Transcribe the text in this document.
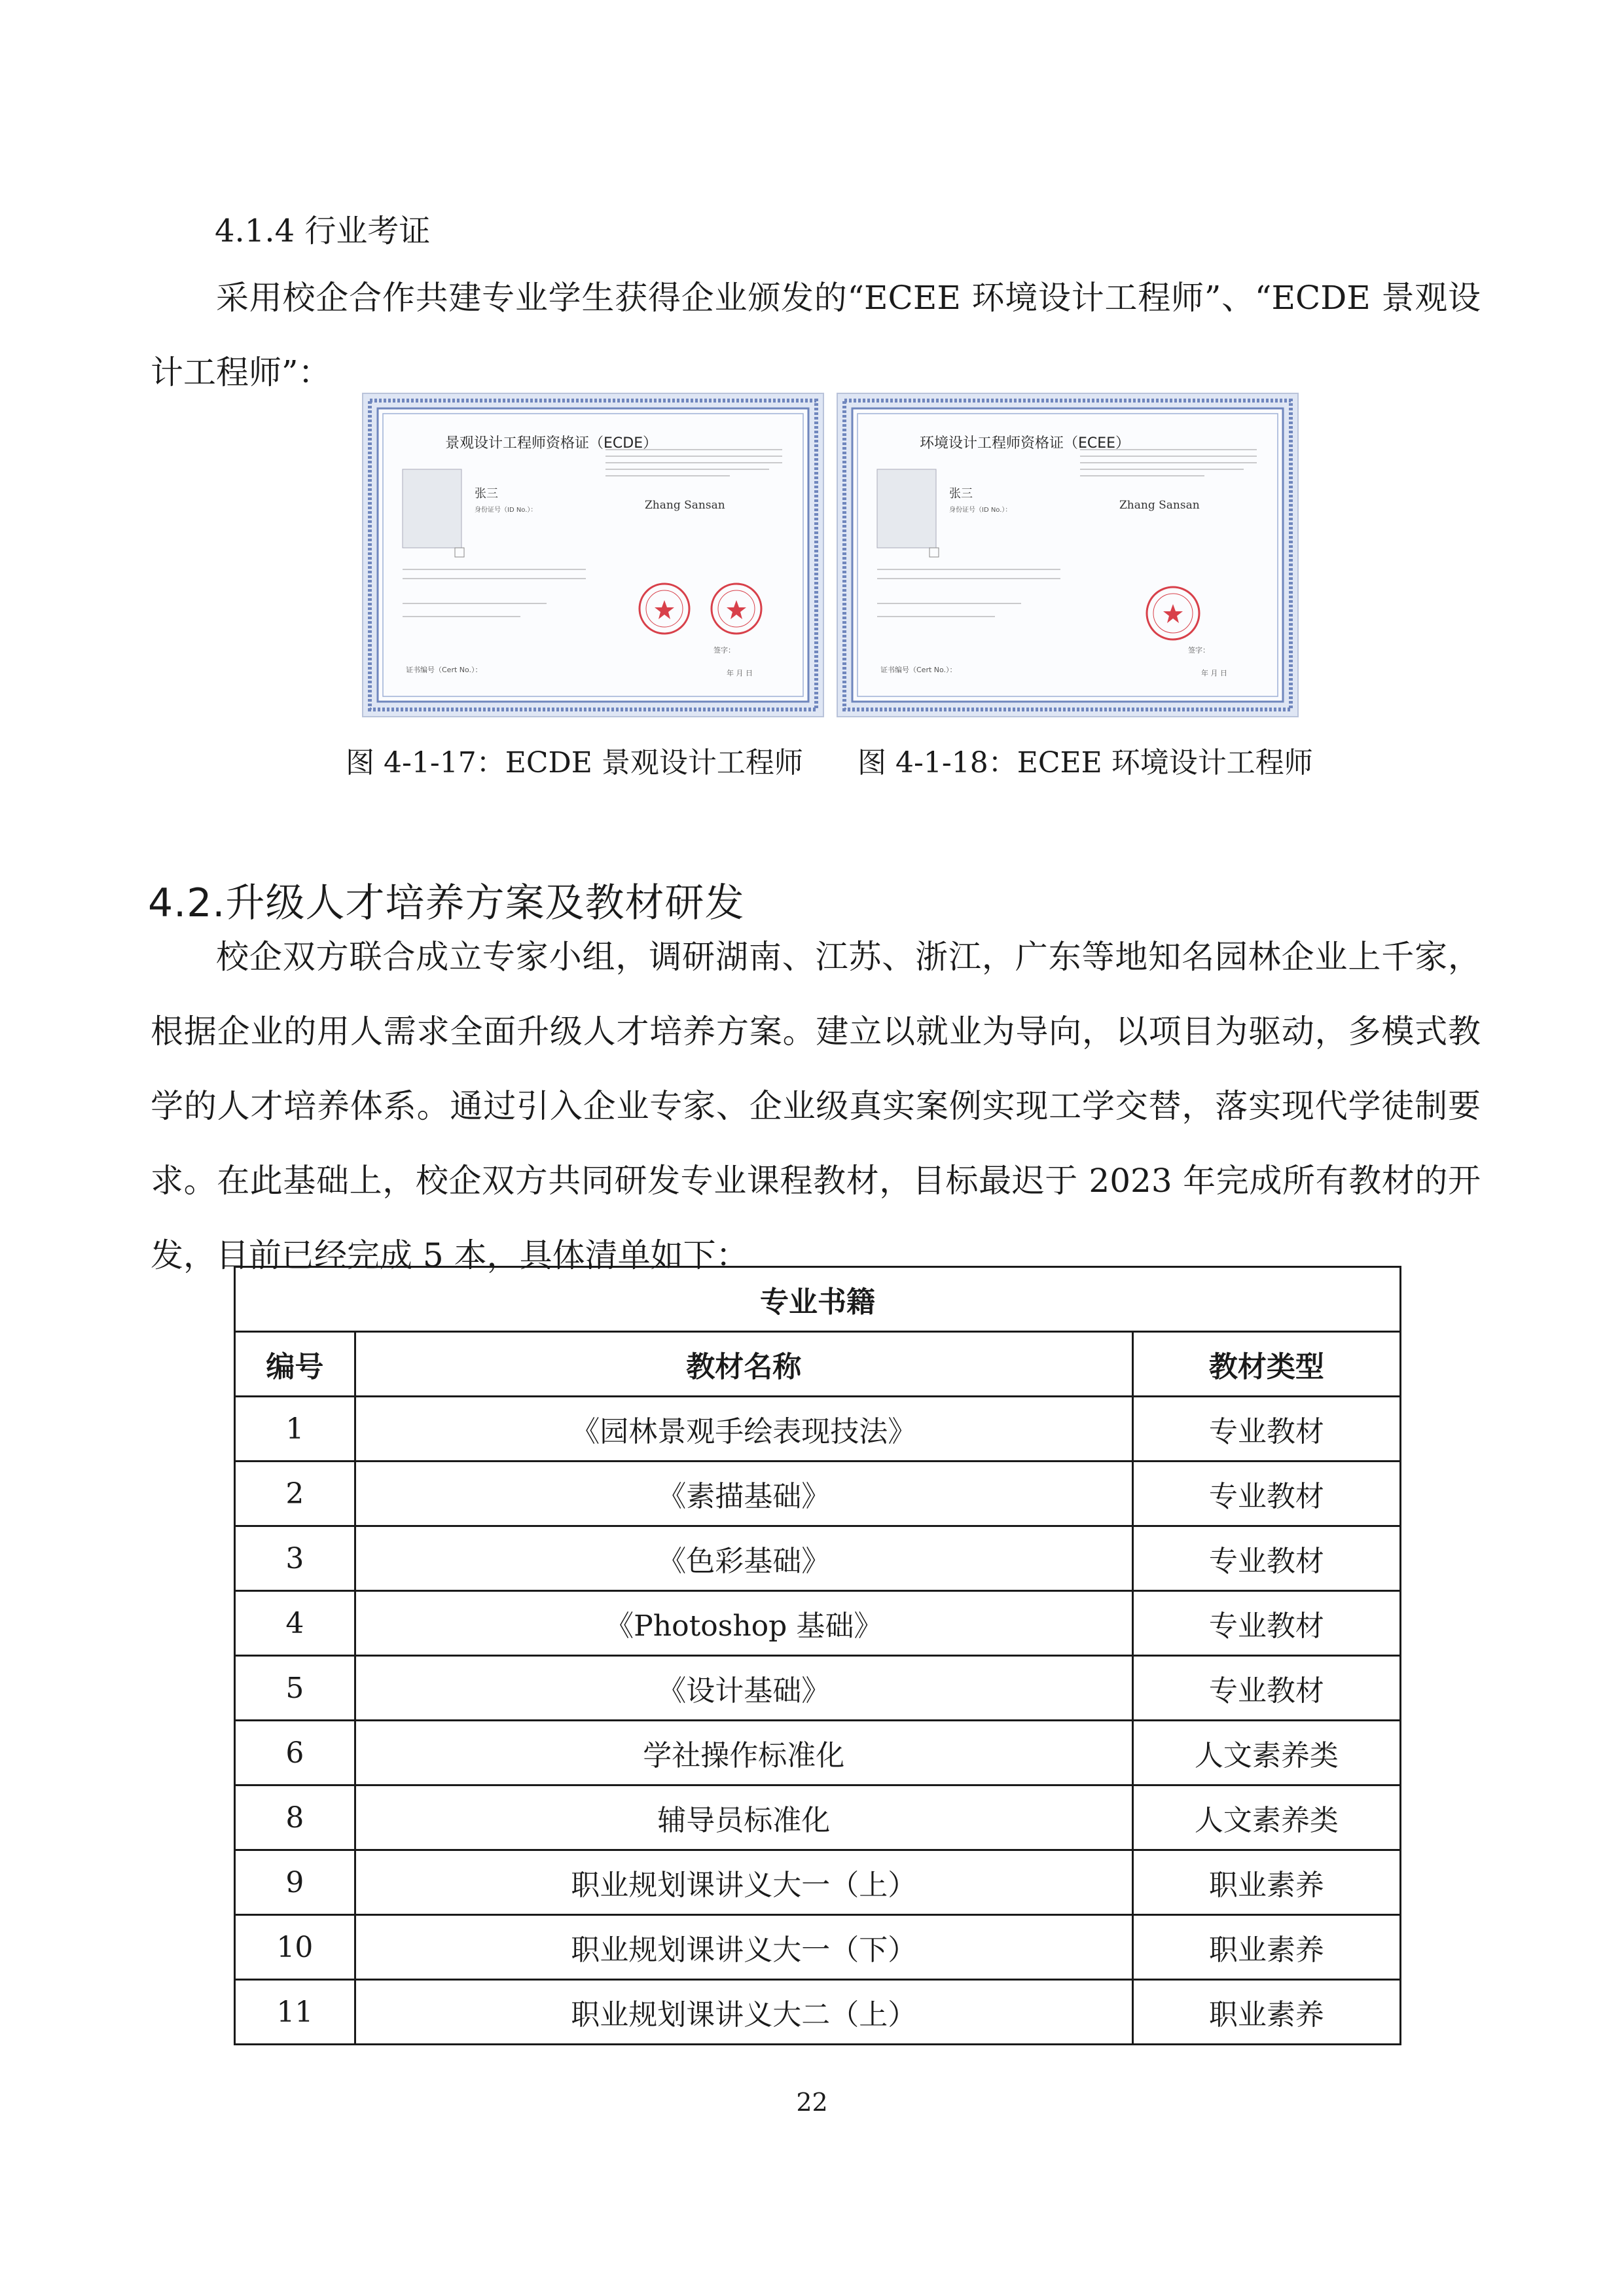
4.1.4 行业考证
采用校企合作共建专业学生获得企业颁发的“ECEE 环境设计工程师”、“ECDE 景观设计工程师”：
景观设计工程师资格证（ECDE）
张三
身份证号（ID No.）：	Zhang Sansan
签字：
证书编号（Cert No.）：	年 月 日
图 4-1-17：ECDE 景观设计工程师
环境设计工程师资格证（ECEE）
张三
身份证号（ID No.）：	Zhang Sansan
签字：
证书编号（Cert No.）：	年 月 日
图 4-1-18：ECEE 环境设计工程师
4.2.升级人才培养方案及教材研发
校企双方联合成立专家小组，调研湖南、江苏、浙江，广东等地知名园林企业上千家，根据企业的用人需求全面升级人才培养方案。建立以就业为导向，以项目为驱动，多模式教学的人才培养体系。通过引入企业专家、企业级真实案例实现工学交替，落实现代学徒制要求。在此基础上，校企双方共同研发专业课程教材，目标最迟于 2023 年完成所有教材的开发，目前已经完成 5 本，具体清单如下：
专业书籍		
编号	教材名称	教材类型
1	《园林景观手绘表现技法》	专业教材
2	《素描基础》	专业教材
3	《色彩基础》	专业教材
4	《Photoshop 基础》	专业教材
5	《设计基础》	专业教材
6	学社操作标准化	人文素养类
8	辅导员标准化	人文素养类
9	职业规划课讲义大一（上）	职业素养
10	职业规划课讲义大一（下）	职业素养
11	职业规划课讲义大二（上）	职业素养
22
